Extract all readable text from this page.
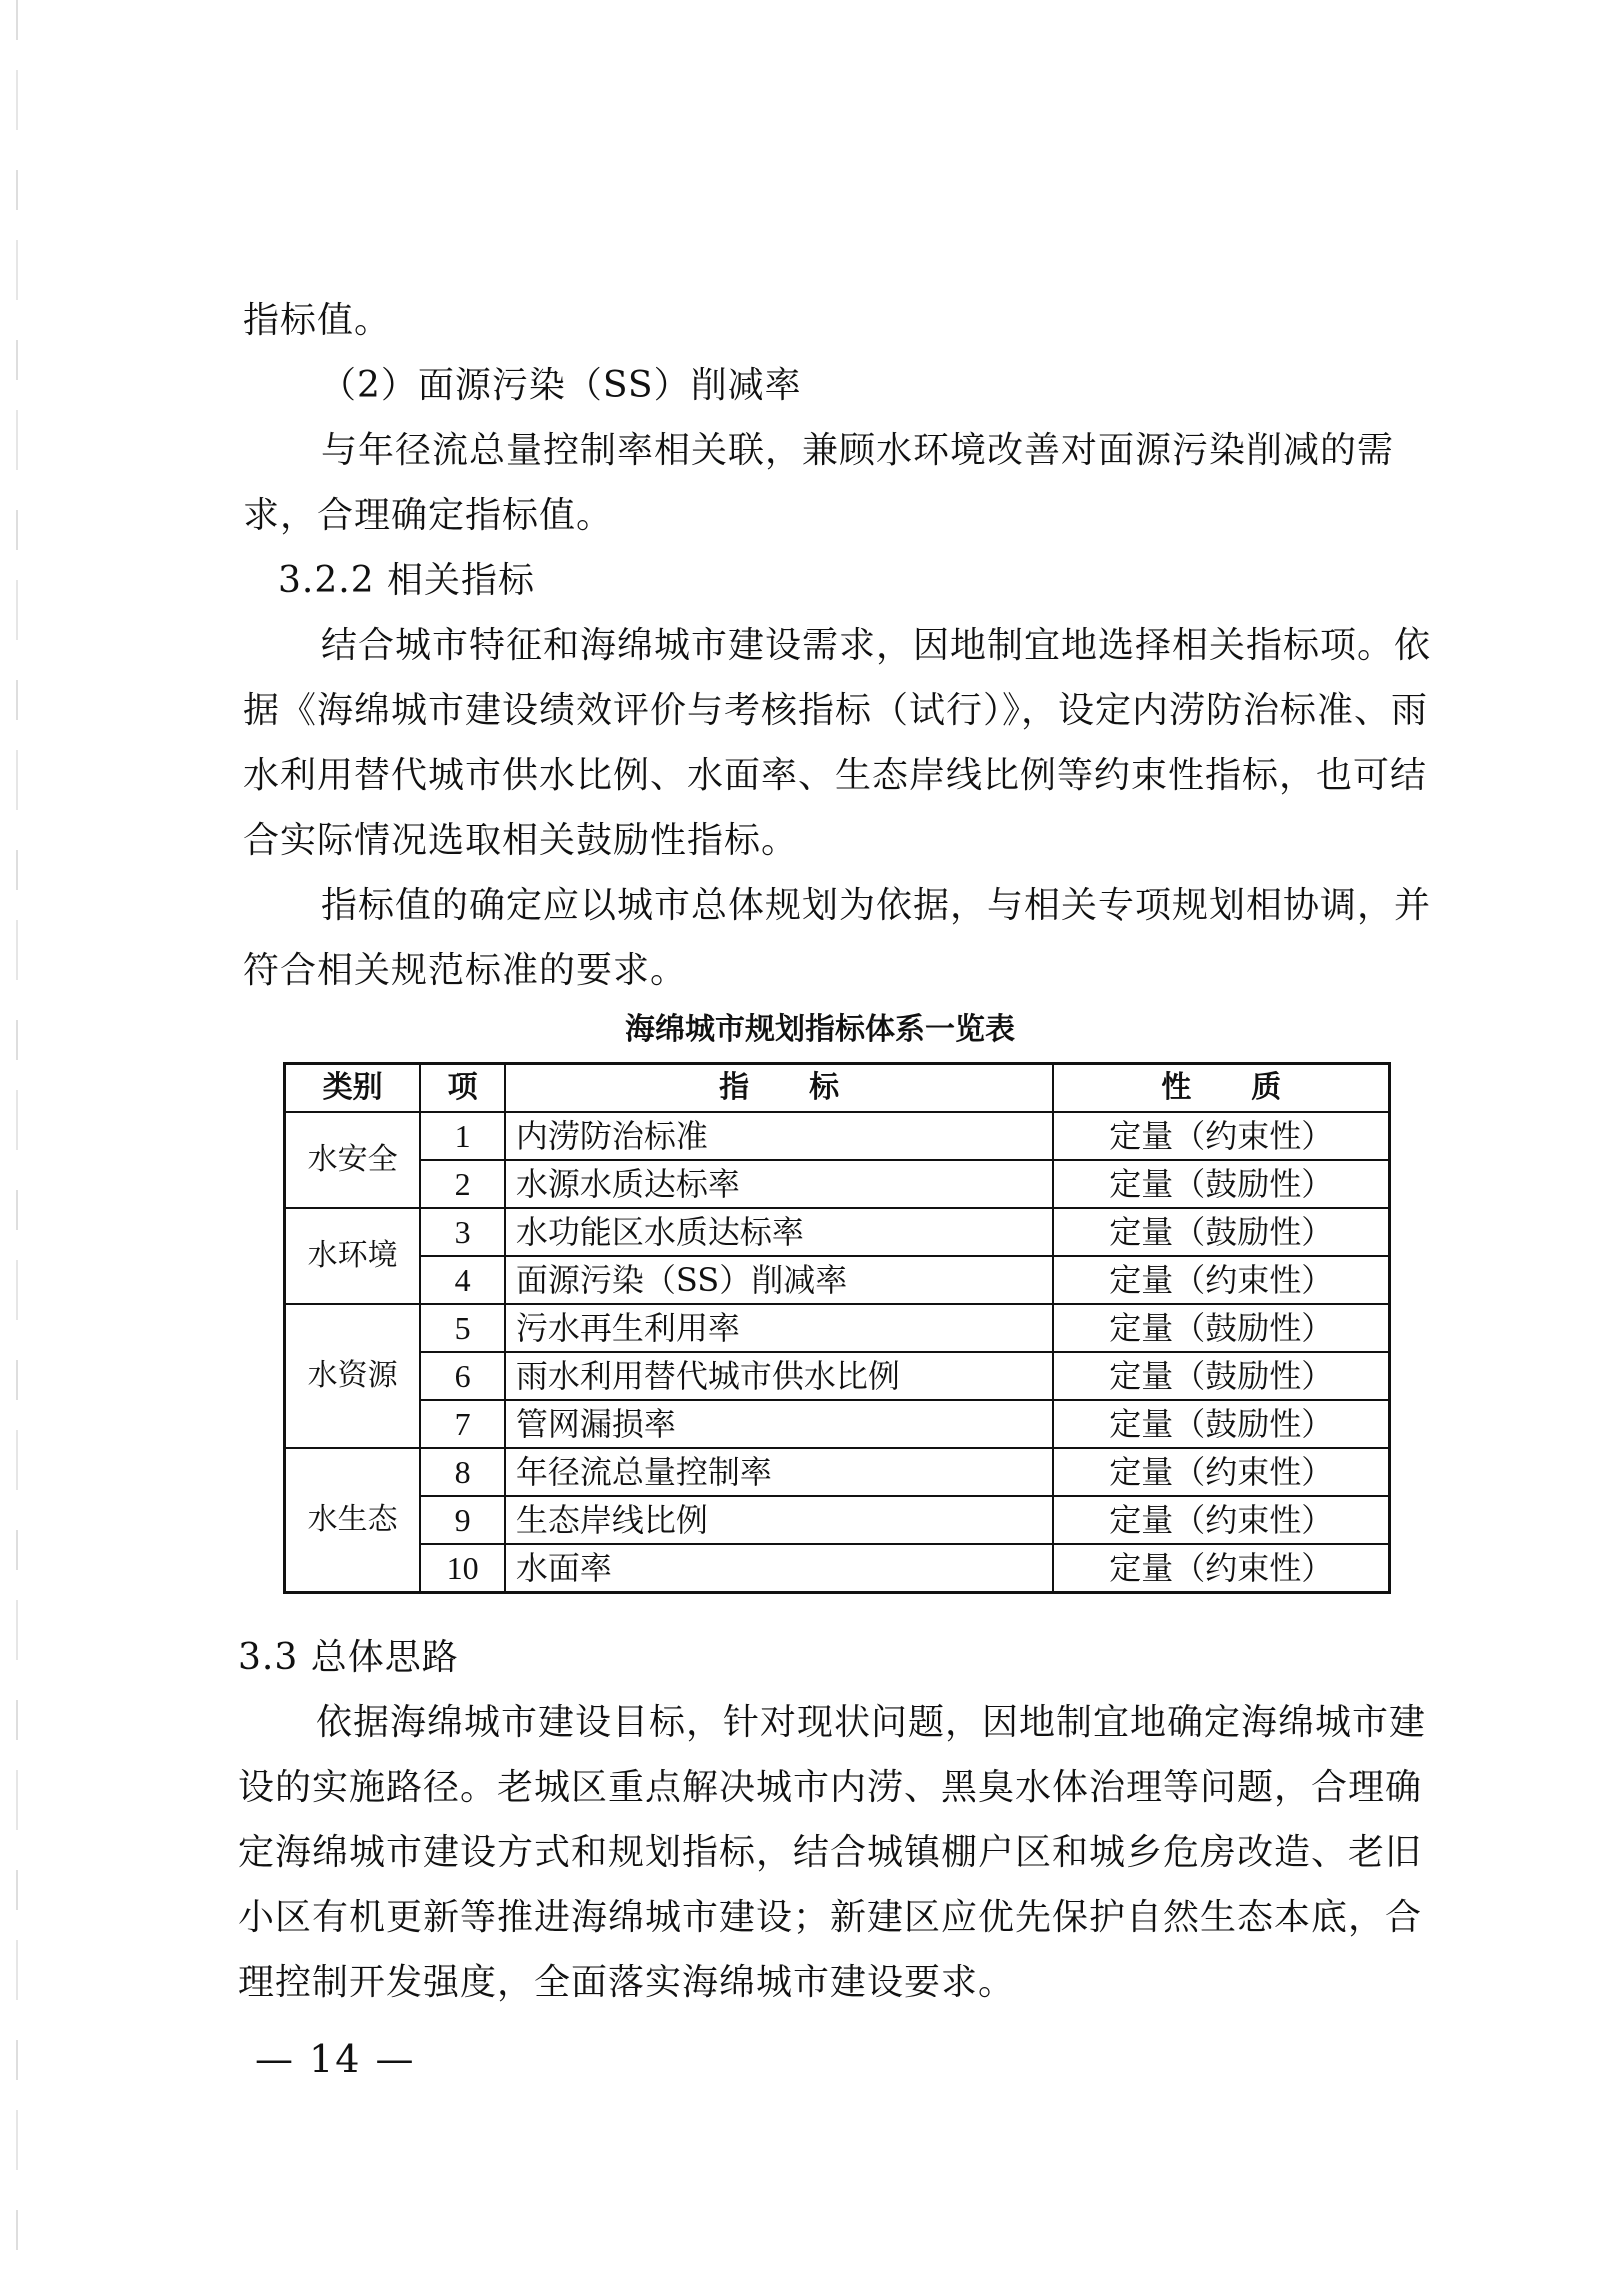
指标值。

（2）面源污染（SS）削减率

与年径流总量控制率相关联，兼顾水环境改善对面源污染削减的需求，合理确定指标值。

3.2.2 相关指标

结合城市特征和海绵城市建设需求，因地制宜地选择相关指标项。依据《海绵城市建设绩效评价与考核指标（试行）》，设定内涝防治标准、雨水利用替代城市供水比例、水面率、生态岸线比例等约束性指标，也可结合实际情况选取相关鼓励性指标。

指标值的确定应以城市总体规划为依据，与相关专项规划相协调，并符合相关规范标准的要求。

海绵城市规划指标体系一览表
类别	项	指　　标	性　　质
水安全	1	内涝防治标准	定量（约束性）
	2	水源水质达标率	定量（鼓励性）
水环境	3	水功能区水质达标率	定量（鼓励性）
	4	面源污染（SS）削减率	定量（约束性）
水资源	5	污水再生利用率	定量（鼓励性）
	6	雨水利用替代城市供水比例	定量（鼓励性）
	7	管网漏损率	定量（鼓励性）
水生态	8	年径流总量控制率	定量（约束性）
	9	生态岸线比例	定量（约束性）
	10	水面率	定量（约束性）

3.3 总体思路

依据海绵城市建设目标，针对现状问题，因地制宜地确定海绵城市建设的实施路径。老城区重点解决城市内涝、黑臭水体治理等问题，合理确定海绵城市建设方式和规划指标，结合城镇棚户区和城乡危房改造、老旧小区有机更新等推进海绵城市建设；新建区应优先保护自然生态本底，合理控制开发强度，全面落实海绵城市建设要求。

— 14 —
